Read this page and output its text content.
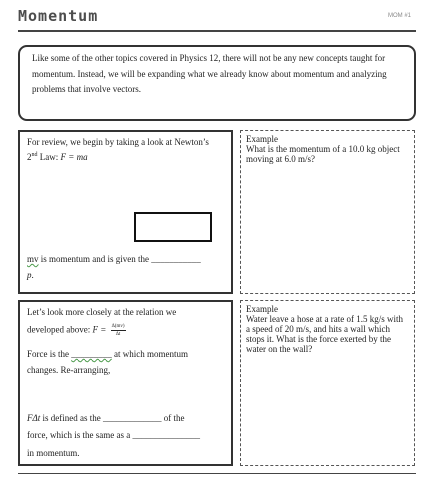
Momentum	MOM #1
Like some of the other topics covered in Physics 12, there will not be any new concepts taught for momentum. Instead, we will be expanding what we already know about momentum and analyzing problems that involve vectors.
For review, we begin by taking a look at Newton’s
2nd Law: F = ma
mv is momentum and is given the ___________
p.
Example
What is the momentum of a 10.0 kg object moving at 6.0 m/s?
Let’s look more closely at the relation we
developed above: $F = \frac{\Delta(mv)}{\Delta t}$
Force is the _________ at which momentum
changes. Re-arranging,
FΔt is defined as the _____________ of the
force, which is the same as a _______________
in momentum.
Example
Water leave a hose at a rate of 1.5 kg/s with a speed of 20 m/s, and hits a wall which stops it. What is the force exerted by the water on the wall?
